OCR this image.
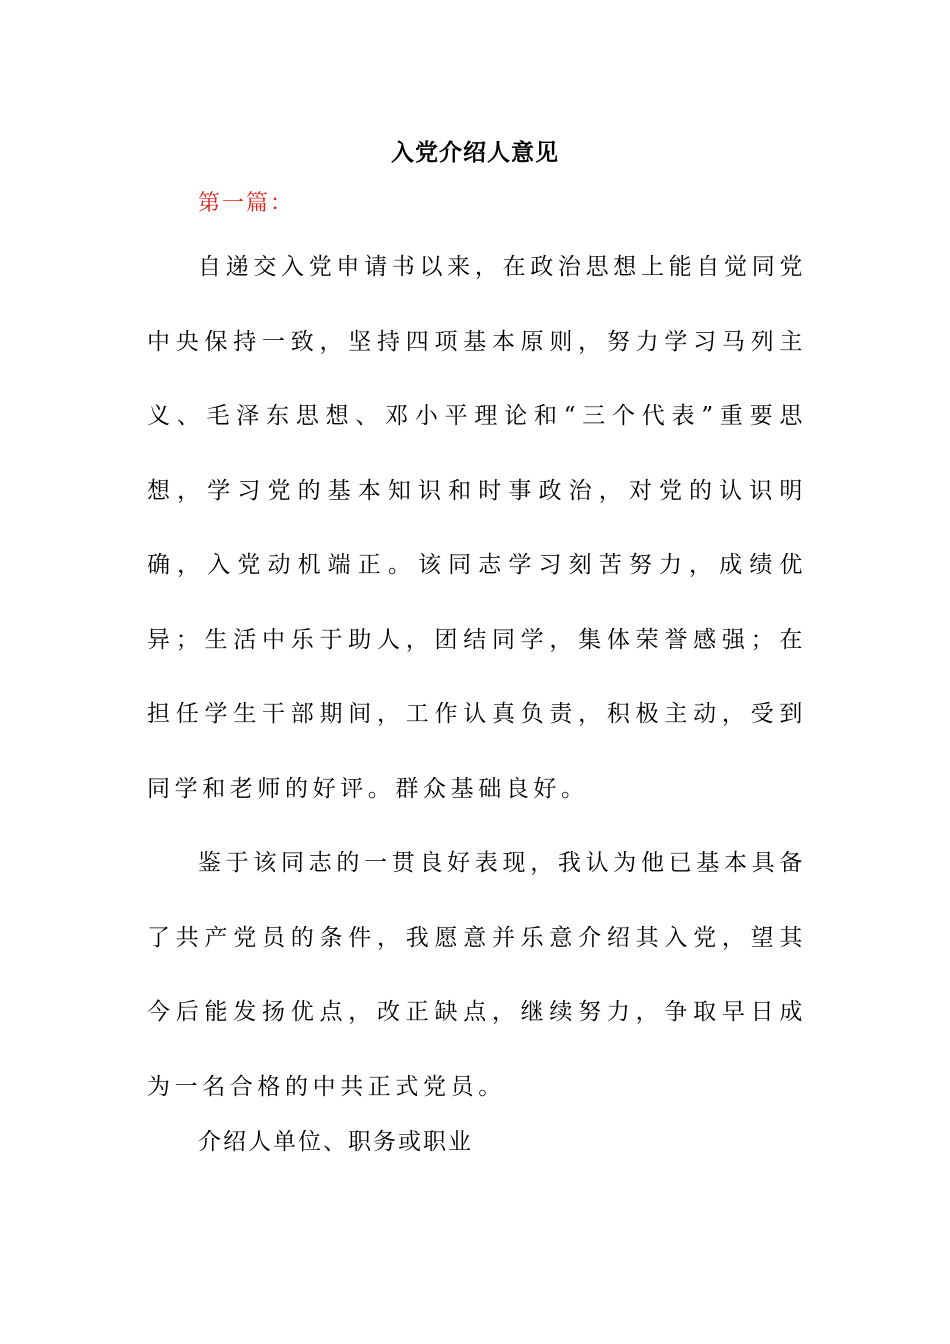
入党介绍人意见
第一篇：

自递交入党申请书以来，在政治思想上能自觉同党中央保持一致，坚持四项基本原则，努力学习马列主义、毛泽东思想、邓小平理论和“三个代表”重要思想，学习党的基本知识和时事政治，对党的认识明确，入党动机端正。该同志学习刻苦努力，成绩优异；生活中乐于助人，团结同学，集体荣誉感强；在担任学生干部期间，工作认真负责，积极主动，受到同学和老师的好评。群众基础良好。

鉴于该同志的一贯良好表现，我认为他已基本具备了共产党员的条件，我愿意并乐意介绍其入党，望其今后能发扬优点，改正缺点，继续努力，争取早日成为一名合格的中共正式党员。

介绍人单位、职务或职业
